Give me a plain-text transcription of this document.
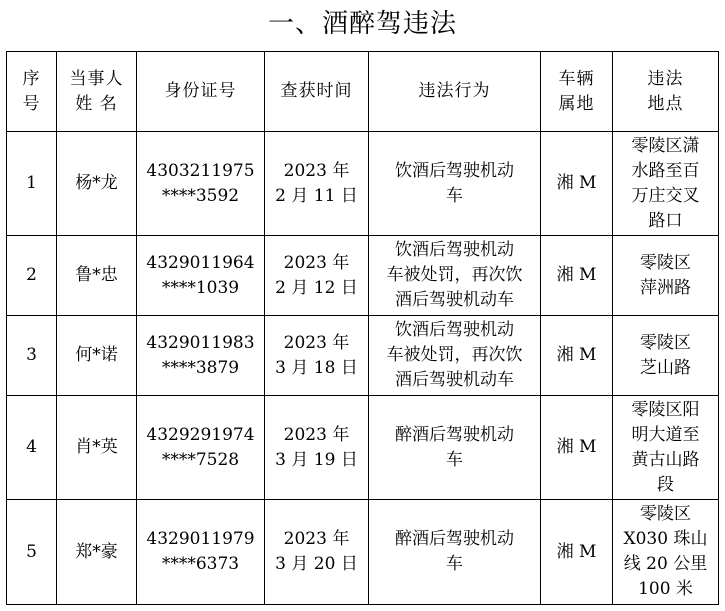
一、酒醉驾违法
序
号	当事人
姓 名	身份证号	查获时间	违法行为	车辆
属地	违法
地点

1	杨*龙	4303211975
****3592	2023 年
2 月 11 日	饮酒后驾驶机动
车	湘 M	零陵区潇
水路至百
万庄交叉
路口

2	鲁*忠	4329011964
****1039	2023 年
2 月 12 日	饮酒后驾驶机动
车被处罚，再次饮
酒后驾驶机动车	湘 M	零陵区
萍洲路

3	何*诺	4329011983
****3879	2023 年
3 月 18 日	饮酒后驾驶机动
车被处罚，再次饮
酒后驾驶机动车	湘 M	零陵区
芝山路

4	肖*英	4329291974
****7528	2023 年
3 月 19 日	醉酒后驾驶机动
车	湘 M	零陵区阳
明大道至
黄古山路
段

5	郑*豪	4329011979
****6373	2023 年
3 月 20 日	醉酒后驾驶机动
车	湘 M	零陵区
X030 珠山
线 20 公里
100 米
